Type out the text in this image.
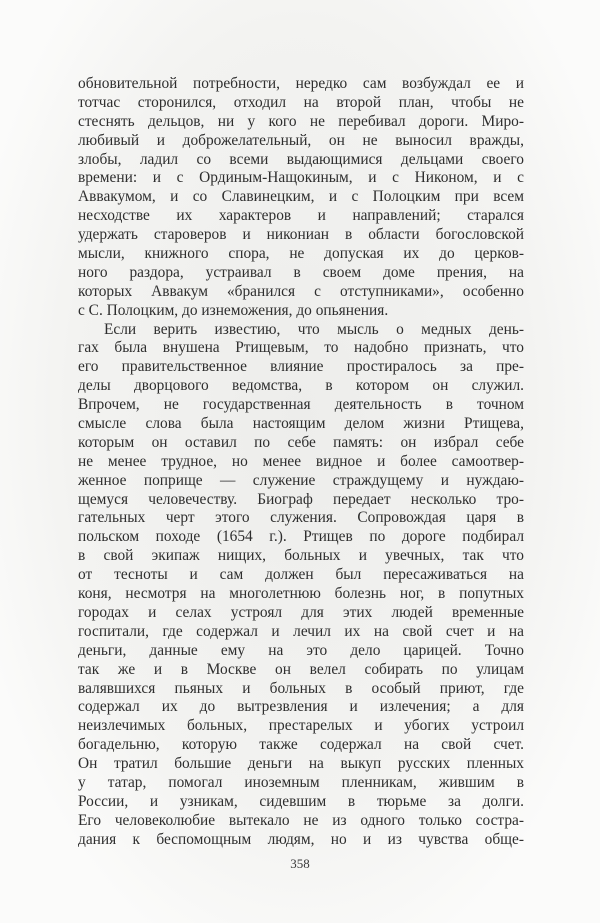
обновительной потребности, нередко сам возбуждал ее и
тотчас сторонился, отходил на второй план, чтобы не
стеснять дельцов, ни у кого не перебивал дороги. Миро-
любивый и доброжелательный, он не выносил вражды,
злобы, ладил со всеми выдающимися дельцами своего
времени: и с Ординым-Нащокиным, и с Никоном, и с
Аввакумом, и со Славинецким, и с Полоцким при всем
несходстве их характеров и направлений; старался
удержать староверов и никониан в области богословской
мысли, книжного спора, не допуская их до церков-
ного раздора, устраивал в своем доме прения, на
которых Аввакум «бранился с отступниками», особенно
с С. Полоцким, до изнеможения, до опьянения.
Если верить известию, что мысль о медных день-
гах была внушена Ртищевым, то надобно признать, что
его правительственное влияние простиралось за пре-
делы дворцового ведомства, в котором он служил.
Впрочем, не государственная деятельность в точном
смысле слова была настоящим делом жизни Ртищева,
которым он оставил по себе память: он избрал себе
не менее трудное, но менее видное и более самоотвер-
женное поприще — служение страждущему и нуждаю-
щемуся человечеству. Биограф передает несколько тро-
гательных черт этого служения. Сопровождая царя в
польском походе (1654 г.). Ртищев по дороге подбирал
в свой экипаж нищих, больных и увечных, так что
от тесноты и сам должен был пересаживаться на
коня, несмотря на многолетнюю болезнь ног, в попутных
городах и селах устроял для этих людей временные
госпитали, где содержал и лечил их на свой счет и на
деньги, данные ему на это дело царицей. Точно
так же и в Москве он велел собирать по улицам
валявшихся пьяных и больных в особый приют, где
содержал их до вытрезвления и излечения; а для
неизлечимых больных, престарелых и убогих устроил
богадельню, которую также содержал на свой счет.
Он тратил большие деньги на выкуп русских пленных
у татар, помогал иноземным пленникам, жившим в
России, и узникам, сидевшим в тюрьме за долги.
Его человеколюбие вытекало не из одного только состра-
дания к беспомощным людям, но и из чувства обще-
358
